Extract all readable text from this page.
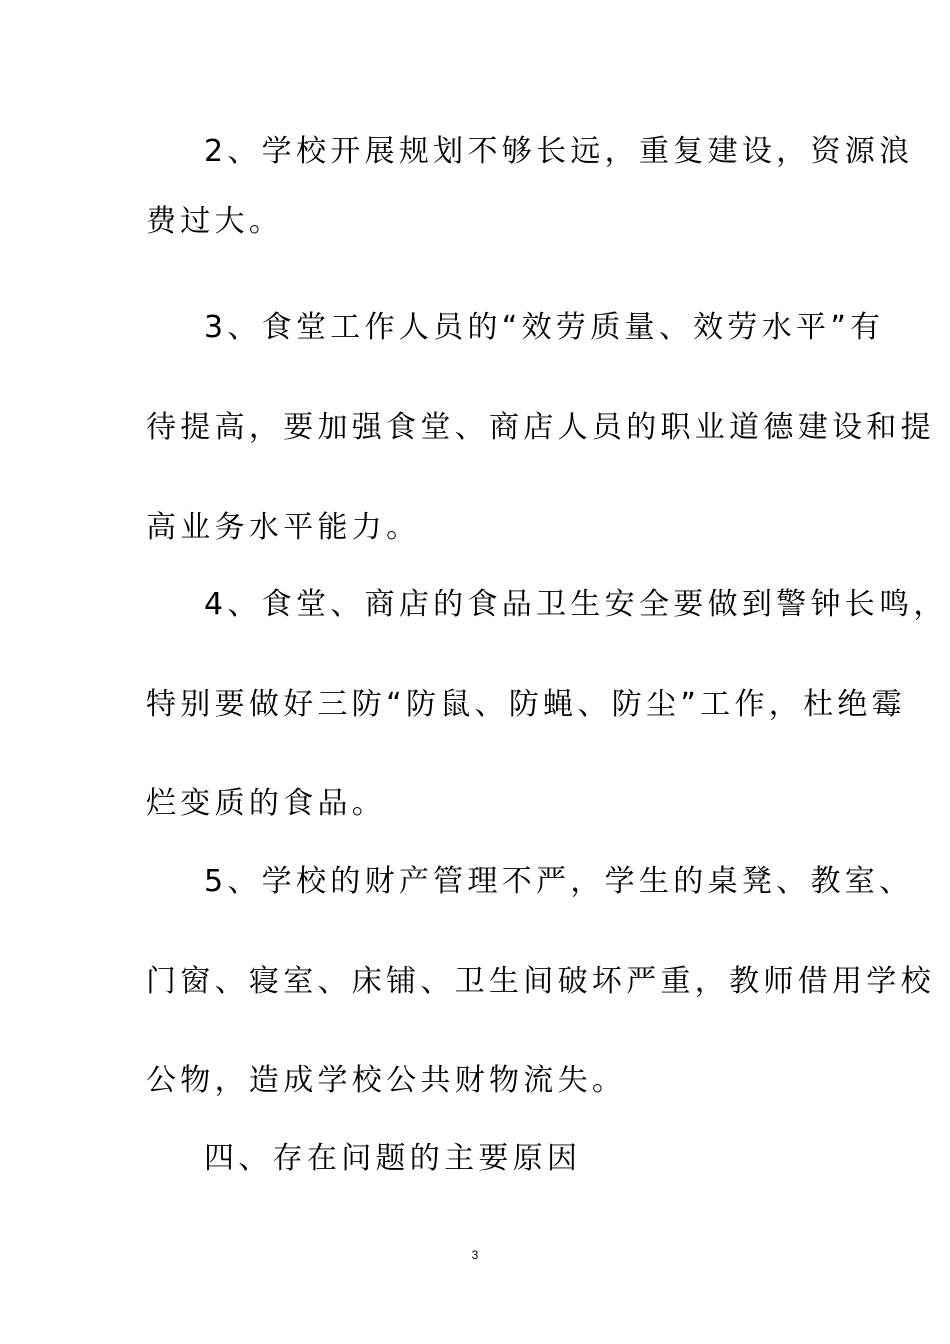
2、学校开展规划不够长远，重复建设，资源浪
费过大。
3、食堂工作人员的“效劳质量、效劳水平”有
待提高，要加强食堂、商店人员的职业道德建设和提
高业务水平能力。
4、食堂、商店的食品卫生安全要做到警钟长鸣，
特别要做好三防“防鼠、防蝇、防尘”工作，杜绝霉
烂变质的食品。
5、学校的财产管理不严，学生的桌凳、教室、
门窗、寝室、床铺、卫生间破坏严重，教师借用学校
公物，造成学校公共财物流失。
四、存在问题的主要原因
3
